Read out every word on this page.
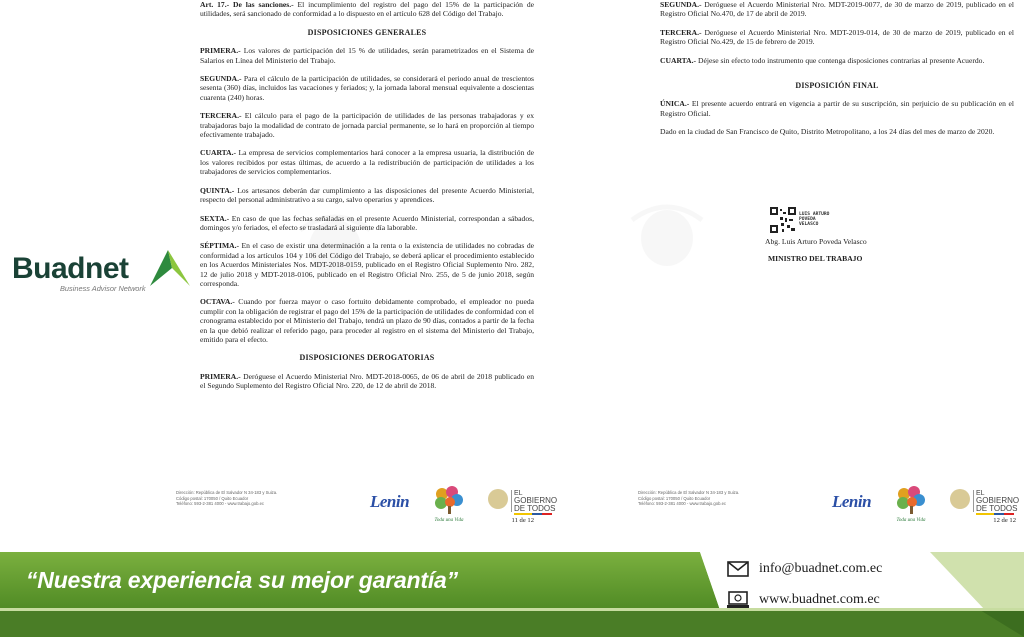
Art. 17.- De las sanciones.- El incumplimiento del registro del pago del 15% de la participación de utilidades, será sancionado de conformidad a lo dispuesto en el artículo 628 del Código del Trabajo.

DISPOSICIONES GENERALES

PRIMERA.- Los valores de participación del 15 % de utilidades, serán parametrizados en el Sistema de Salarios en Línea del Ministerio del Trabajo.

SEGUNDA.- Para el cálculo de la participación de utilidades, se considerará el periodo anual de trescientos sesenta (360) días, incluidos las vacaciones y feriados; y, la jornada laboral mensual equivalente a doscientas cuarenta (240) horas.

TERCERA.- El cálculo para el pago de la participación de utilidades de las personas trabajadoras y ex trabajadoras bajo la modalidad de contrato de jornada parcial permanente, se lo hará en proporción al tiempo efectivamente trabajado.

CUARTA.- La empresa de servicios complementarios hará conocer a la empresa usuaria, la distribución de los valores recibidos por estas últimas, de acuerdo a la redistribución de participación de utilidades a los trabajadores de servicios complementarios.

QUINTA.- Los artesanos deberán dar cumplimiento a las disposiciones del presente Acuerdo Ministerial, respecto del personal administrativo a su cargo, salvo operarios y aprendices.

SEXTA.- En caso de que las fechas señaladas en el presente Acuerdo Ministerial, correspondan a sábados, domingos y/o feriados, el efecto se trasladará al siguiente día laborable.

SÉPTIMA.- En el caso de existir una determinación a la renta o la existencia de utilidades no cobradas de conformidad a los artículos 104 y 106 del Código del Trabajo, se deberá aplicar el procedimiento establecido en los Acuerdos Ministeriales Nos. MDT-2018-0159, publicado en el Registro Oficial Suplemento Nro. 282, 12 de julio 2018 y MDT-2018-0106, publicado en el Registro Oficial Nro. 255, de 5 de junio 2018, según corresponda.

OCTAVA.- Cuando por fuerza mayor o caso fortuito debidamente comprobado, el empleador no pueda cumplir con la obligación de registrar el pago del 15% de la participación de utilidades de conformidad con el cronograma establecido por el Ministerio del Trabajo, tendrá un plazo de 90 días, contados a partir de la fecha en la que debió realizar el referido pago, para proceder al registro en el sistema del Ministerio del Trabajo, emitido para el efecto.

DISPOSICIONES DEROGATORIAS

PRIMERA.- Deróguese el Acuerdo Ministerial Nro. MDT-2018-0065, de 06 de abril de 2018 publicado en el Segundo Suplemento del Registro Oficial Nro. 220, de 12 de abril de 2018.

Dirección: República de El Salvador N 34-183 y Suiza.
Código postal: 170050 / Quito Ecuador
Teléfono: 593-2-381 4000 - www.trabajo.gob.ec	Lenin
Toda una Vida
EL
GOBIERNO
DE TODOS
11 de 12

SEGUNDA.- Deróguese el Acuerdo Ministerial Nro. MDT-2019-0077, de 30 de marzo de 2019, publicado en el Registro Oficial No.470, de 17 de abril de 2019.

TERCERA.- Deróguese el Acuerdo Ministerial Nro. MDT-2019-014, de 30 de marzo de 2019, publicado en el Registro Oficial No.429, de 15 de febrero de 2019.

CUARTA.- Déjese sin efecto todo instrumento que contenga disposiciones contrarias al presente Acuerdo.

DISPOSICIÓN FINAL

ÚNICA.- El presente acuerdo entrará en vigencia a partir de su suscripción, sin perjuicio de su publicación en el Registro Oficial.

Dado en la ciudad de San Francisco de Quito, Distrito Metropolitano, a los 24 días del mes de marzo de 2020.

Dirección: República de El Salvador N 34-183 y Suiza.
Código postal: 170050 / Quito Ecuador
Teléfono: 593-2-381 4000 - www.trabajo.gob.ec	Lenin
Toda una Vida
EL
GOBIERNO
DE TODOS
12 de 12
LUIS ARTURO
POVEDA
VELASCO
Abg. Luis Arturo Poveda Velasco
MINISTRO DEL TRABAJO
Buadnet
Business Advisor Network
“Nuestra experiencia su mejor garantía”	info@buadnet.com.ec
www.buadnet.com.ec
